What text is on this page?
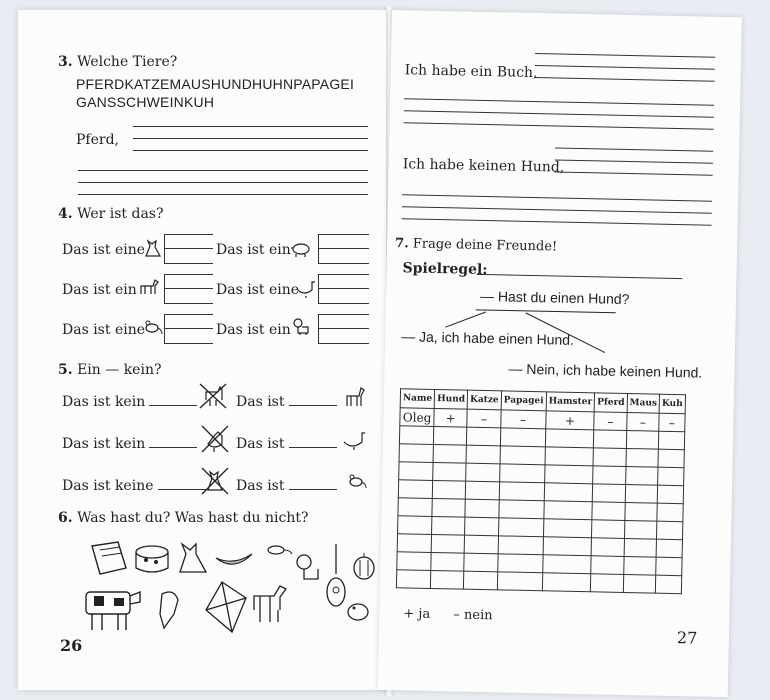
3. Welche Tiere?
PFERDKATZEMAUSHUNDHUHNPAPAGEI
GANSSCHWEINKUH
Pferd,
4. Wer ist das?
Das ist eine	Das ist ein
Das ist ein	Das ist eine
Das ist eine	Das ist ein
5. Ein — kein?
Das ist kein	Das ist
Das ist kein	Das ist
Das ist keine	Das ist
6. Was hast du? Was hast du nicht?
26
Ich habe ein Buch,
Ich habe keinen Hund,
7. Frage deine Freunde!
Spielregel:
— Hast du einen Hund?
— Ja, ich habe einen Hund.
— Nein, ich habe keinen Hund.
Name	Hund	Katze	Papagei	Hamster	Pferd	Maus	Kuh
Oleg	+	–	–	+	–	–	–

+ ja – nein
27
